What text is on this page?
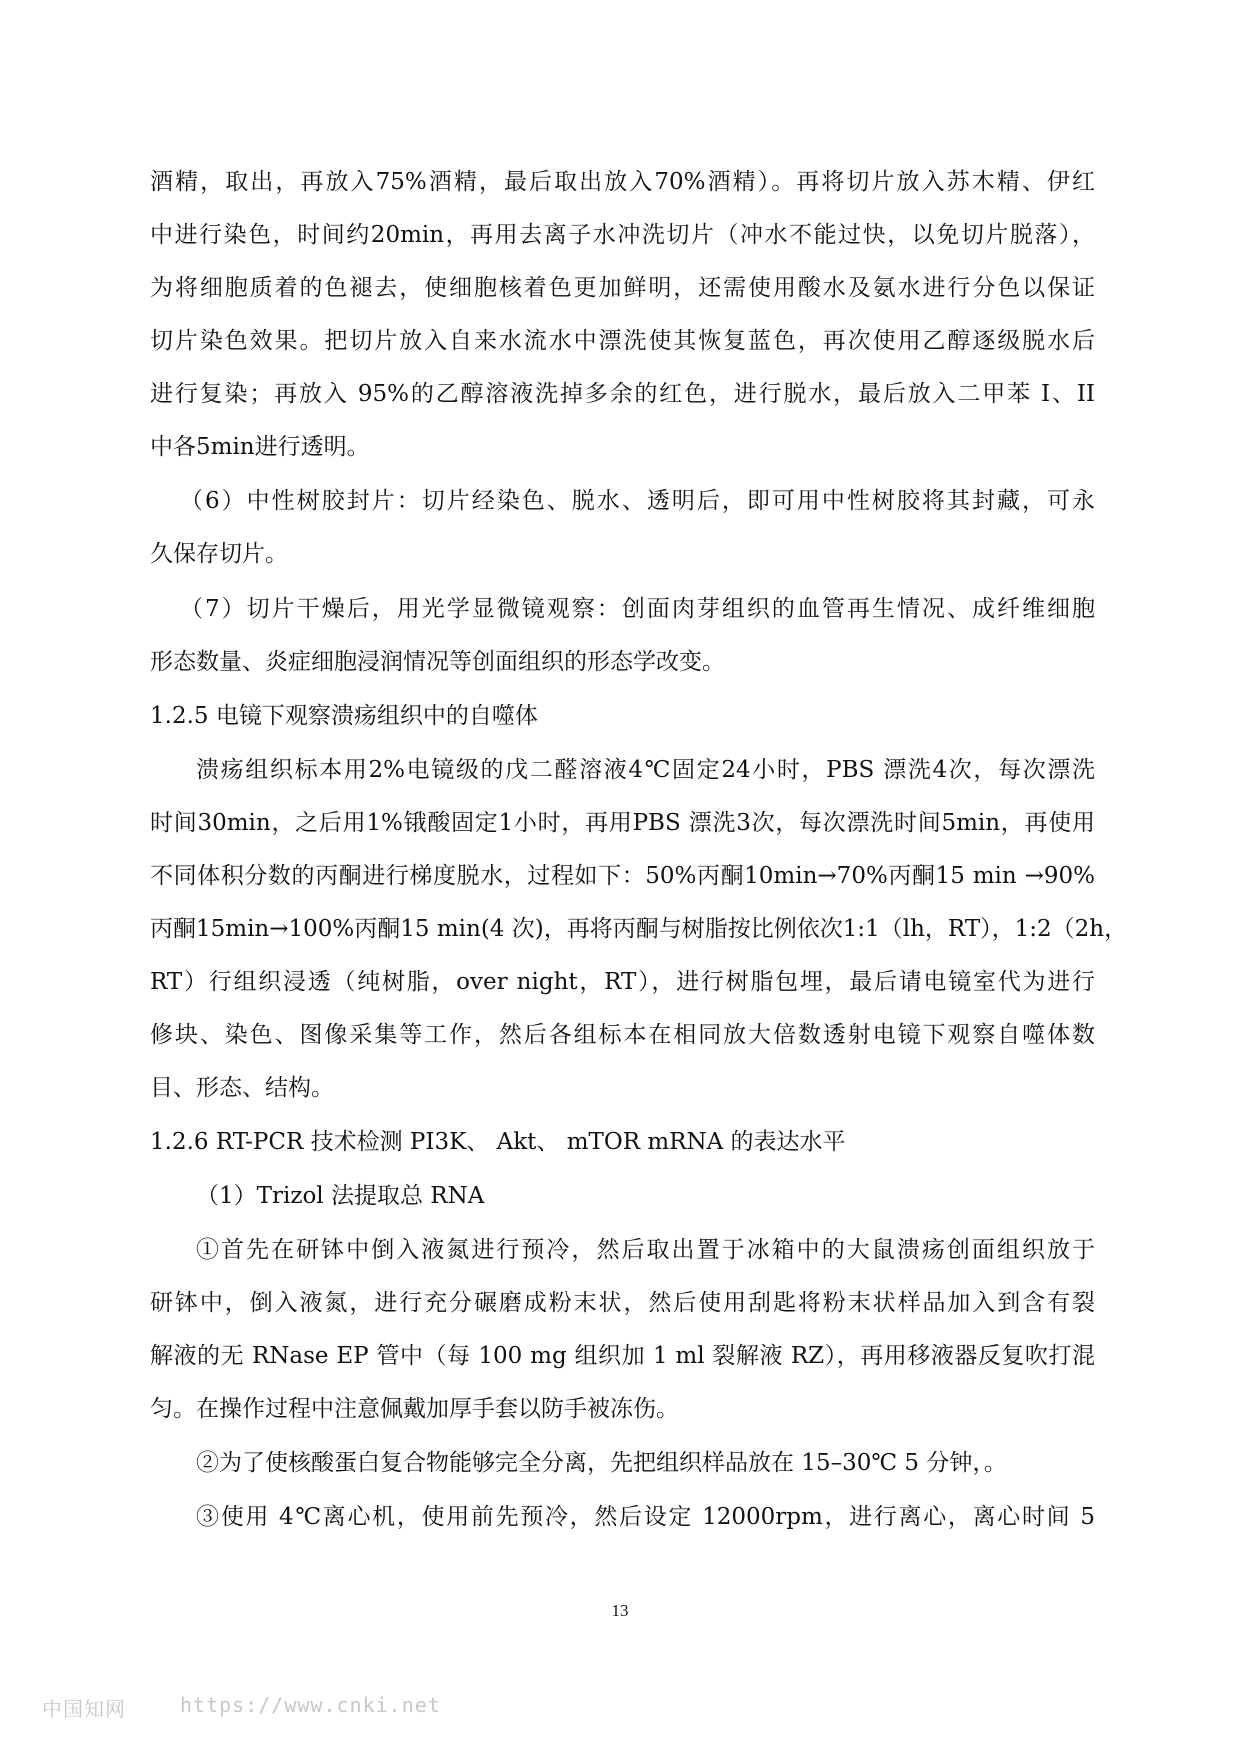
酒精，取出，再放入75%酒精，最后取出放入70%酒精）。再将切片放入苏木精、伊红
中进行染色，时间约20min，再用去离子水冲洗切片（冲水不能过快，以免切片脱落），
为将细胞质着的色褪去，使细胞核着色更加鲜明，还需使用酸水及氨水进行分色以保证
切片染色效果。把切片放入自来水流水中漂洗使其恢复蓝色，再次使用乙醇逐级脱水后
进行复染；再放入 95%的乙醇溶液洗掉多余的红色，进行脱水，最后放入二甲苯 I、II
中各5min进行透明。
（6）中性树胶封片：切片经染色、脱水、透明后，即可用中性树胶将其封藏，可永
久保存切片。
（7）切片干燥后，用光学显微镜观察：创面肉芽组织的血管再生情况、成纤维细胞
形态数量、炎症细胞浸润情况等创面组织的形态学改变。
1.2.5 电镜下观察溃疡组织中的自噬体
溃疡组织标本用2%电镜级的戊二醛溶液4℃固定24小时，PBS 漂洗4次，每次漂洗
时间30min，之后用1%锇酸固定1小时，再用PBS 漂洗3次，每次漂洗时间5min，再使用
不同体积分数的丙酮进行梯度脱水，过程如下：50%丙酮10min→70%丙酮15 min →90%
丙酮15min→100%丙酮15 min(4 次)，再将丙酮与树脂按比例依次1:1（lh，RT），1:2（2h，
RT）行组织浸透（纯树脂，over night，RT），进行树脂包埋，最后请电镜室代为进行
修块、染色、图像采集等工作，然后各组标本在相同放大倍数透射电镜下观察自噬体数
目、形态、结构。
1.2.6 RT-PCR 技术检测 PI3K、 Akt、 mTOR mRNA 的表达水平
（1）Trizol 法提取总 RNA
①首先在研钵中倒入液氮进行预冷，然后取出置于冰箱中的大鼠溃疡创面组织放于
研钵中，倒入液氮，进行充分碾磨成粉末状，然后使用刮匙将粉末状样品加入到含有裂
解液的无 RNase EP 管中（每 100 mg 组织加 1 ml 裂解液 RZ），再用移液器反复吹打混
匀。在操作过程中注意佩戴加厚手套以防手被冻伤。
②为了使核酸蛋白复合物能够完全分离，先把组织样品放在 15–30℃ 5 分钟，。
③使用 4℃离心机，使用前先预冷，然后设定 12000rpm，进行离心，离心时间 5
13
中国知网	https://www.cnki.net
